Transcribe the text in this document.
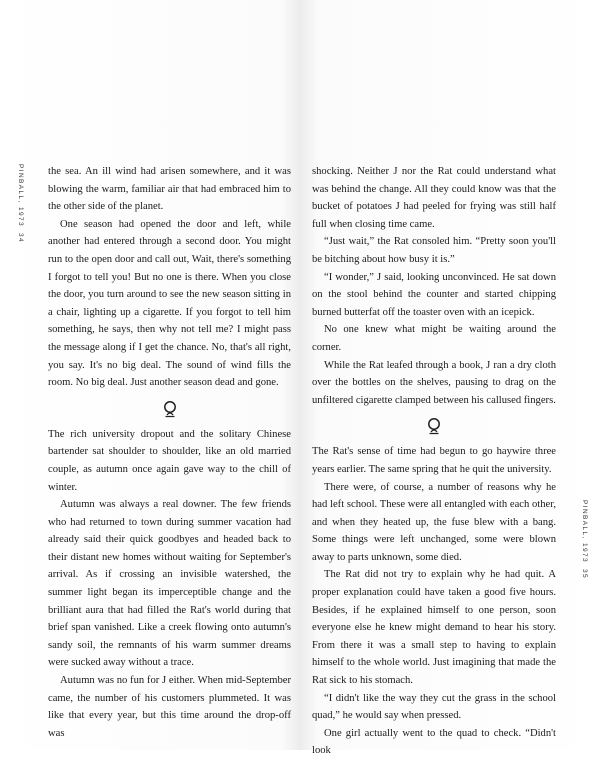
PINBALL, 197334

the sea. An ill wind had arisen somewhere, and it was blowing the warm, familiar air that had embraced him to the other side of the planet.

One season had opened the door and left, while another had entered through a second door. You might run to the open door and call out, Wait, there's something I forgot to tell you! But no one is there. When you close the door, you turn around to see the new season sitting in a chair, lighting up a cigarette. If you forgot to tell him something, he says, then why not tell me? I might pass the message along if I get the chance. No, that's all right, you say. It's no big deal. The sound of wind fills the room. No big deal. Just another season dead and gone.

The rich university dropout and the solitary Chinese bartender sat shoulder to shoulder, like an old married couple, as autumn once again gave way to the chill of winter.

Autumn was always a real downer. The few friends who had returned to town during summer vacation had already said their quick goodbyes and headed back to their distant new homes without waiting for September's arrival. As if crossing an invisible watershed, the summer light began its imperceptible change and the brilliant aura that had filled the Rat's world during that brief span vanished. Like a creek flowing onto autumn's sandy soil, the remnants of his warm summer dreams were sucked away without a trace.

Autumn was no fun for J either. When mid-September came, the number of his customers plummeted. It was like that every year, but this time around the drop-off was

shocking. Neither J nor the Rat could understand what was behind the change. All they could know was that the bucket of potatoes J had peeled for frying was still half full when closing time came.

“Just wait,” the Rat consoled him. “Pretty soon you'll be bitching about how busy it is.”

“I wonder,” J said, looking unconvinced. He sat down on the stool behind the counter and started chipping burned butterfat off the toaster oven with an icepick.

No one knew what might be waiting around the corner.

While the Rat leafed through a book, J ran a dry cloth over the bottles on the shelves, pausing to drag on the unfiltered cigarette clamped between his callused fingers.

The Rat's sense of time had begun to go haywire three years earlier. The same spring that he quit the university.

There were, of course, a number of reasons why he had left school. These were all entangled with each other, and when they heated up, the fuse blew with a bang. Some things were left unchanged, some were blown away to parts unknown, some died.

The Rat did not try to explain why he had quit. A proper explanation could have taken a good five hours. Besides, if he explained himself to one person, soon everyone else he knew might demand to hear his story. From there it was a small step to having to explain himself to the whole world. Just imagining that made the Rat sick to his stomach.

“I didn't like the way they cut the grass in the school quad,” he would say when pressed.

One girl actually went to the quad to check. “Didn't look

PINBALL, 197335
